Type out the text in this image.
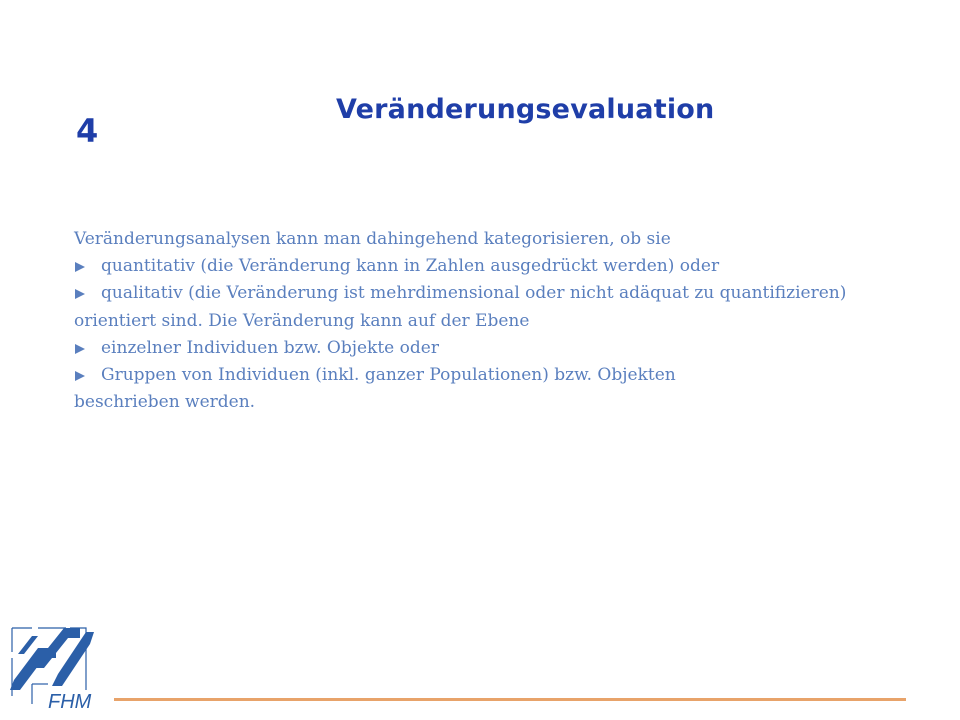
4
Veränderungsevaluation

Veränderungsanalysen kann man dahingehend kategorisieren, ob sie

quantitativ (die Veränderung kann in Zahlen ausgedrückt werden) oder
qualitativ (die Veränderung ist mehrdimensional oder nicht adäquat zu quantifizieren)

orientiert sind. Die Veränderung kann auf der Ebene

einzelner Individuen bzw. Objekte oder
Gruppen von Individuen (inkl. ganzer Populationen) bzw. Objekten

beschrieben werden.

FHM
